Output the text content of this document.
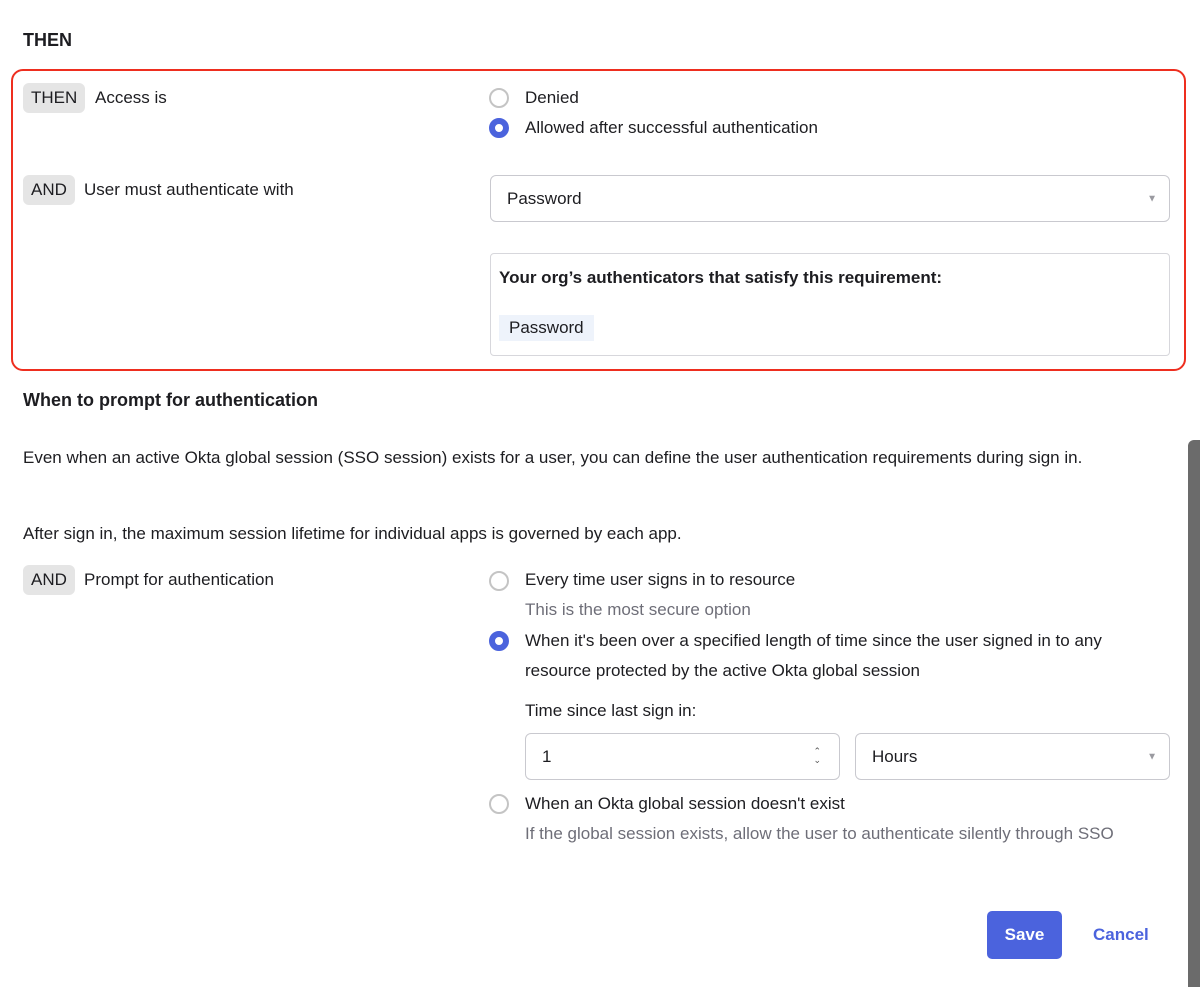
THEN
THEN	Access is	Denied
Allowed after successful authentication
AND	User must authenticate with	Password	▼
Your org’s authenticators that satisfy this requirement:
Password
When to prompt for authentication

Even when an active Okta global session (SSO session) exists for a user, you can define the user authentication requirements during sign in.

After sign in, the maximum session lifetime for individual apps is governed by each app.

AND	Prompt for authentication	Every time user signs in to resource
This is the most secure option
When it's been over a specified length of time since the user signed in to any resource protected by the active Okta global session
Time since last sign in:
1	⌃
⌄	Hours	▼
When an Okta global session doesn't exist
If the global session exists, allow the user to authenticate silently through SSO
Save	Cancel
